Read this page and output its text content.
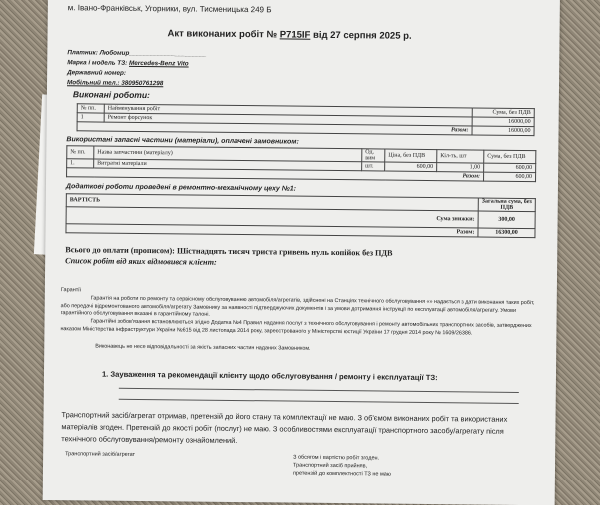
м. Івано-Франківськ, Угорники, вул. Тисменицька 249 Б
Акт виконаних робіт № P715IF від 27 серпня 2025 р.
Платник: Любомир______________________
Марка і модель ТЗ: Mercedes-Benz Vito
Державний номер:
Мобільний тел.: 380950761298
Виконані роботи:
№ пп.	Найменування робіт	Сума, без ПДВ
1	Ремонт форсунок	16000,00
Разом:		16000,00
Використані запасні частини (матеріали), оплачені замовником:
№ пп.	Назва запчастини (матеріалу)	Од. вим	Ціна, без ПДВ	Кіл-ть, шт	Сума, без ПДВ
1.	Витратні матеріали	шт.	600,00	1,00	600,00
Разом:					600,00
Додаткові роботи проведені в ремонтно-механічному цеху №1:
ВАРТІСТЬ	Загальна сума, без ПДВ
Сума знижки:	300,00
Разом:	16300,00
Всього до оплати (прописом): Шістнадцять тисяч триста гривень нуль копійок без ПДВ
Список робіт від яких відмовився клієнт:
Гарантії
Гарантія на роботи по ремонту та сервісному обслуговуванню автомобіля/агрегатів, здійснені на Станціях технічного обслуговування «» надається з дати виконання таких робіт, або передачі відремонтованого автомобіля/агрегату Замовнику за наявності підтверджуючих документів і за умови дотримання інструкції по експлуатації автомобіля/агрегату. Умови гарантійного обслуговування вказані в гарантійному талоні.
Гарантійні зобов'язання встановлюються згідно Додатка №4 Правил надання послуг з технічного обслуговування і ремонту автомобільних транспортних засобів, затверджених наказом Міністерства інфраструктури України №615 від 28 листопада 2014 року, зареєстрованого у Міністерстві юстиції України 17 грудня 2014 року № 1609/26386.
Виконавець не несе відповідальності за якість запасних частин наданих Замовником.
1. Зауваження та рекомендації клієнту щодо обслуговування / ремонту і експлуатації ТЗ:
Транспортний засіб/агрегат отримав, претензій до його стану та комплектації не маю. З об'ємом виконаних робіт та використаних матеріалів згоден. Претензій до якості робіт (послуг) не маю. З особливостями експлуатації транспортного засобу/агрегату після технічного обслуговування/ремонту ознайомлений.
Транспортний засіб/агрегат
З обсягом і вартістю робіт згоден.
Транспортний засіб прийняв,
претензій до комплектності ТЗ не маю
